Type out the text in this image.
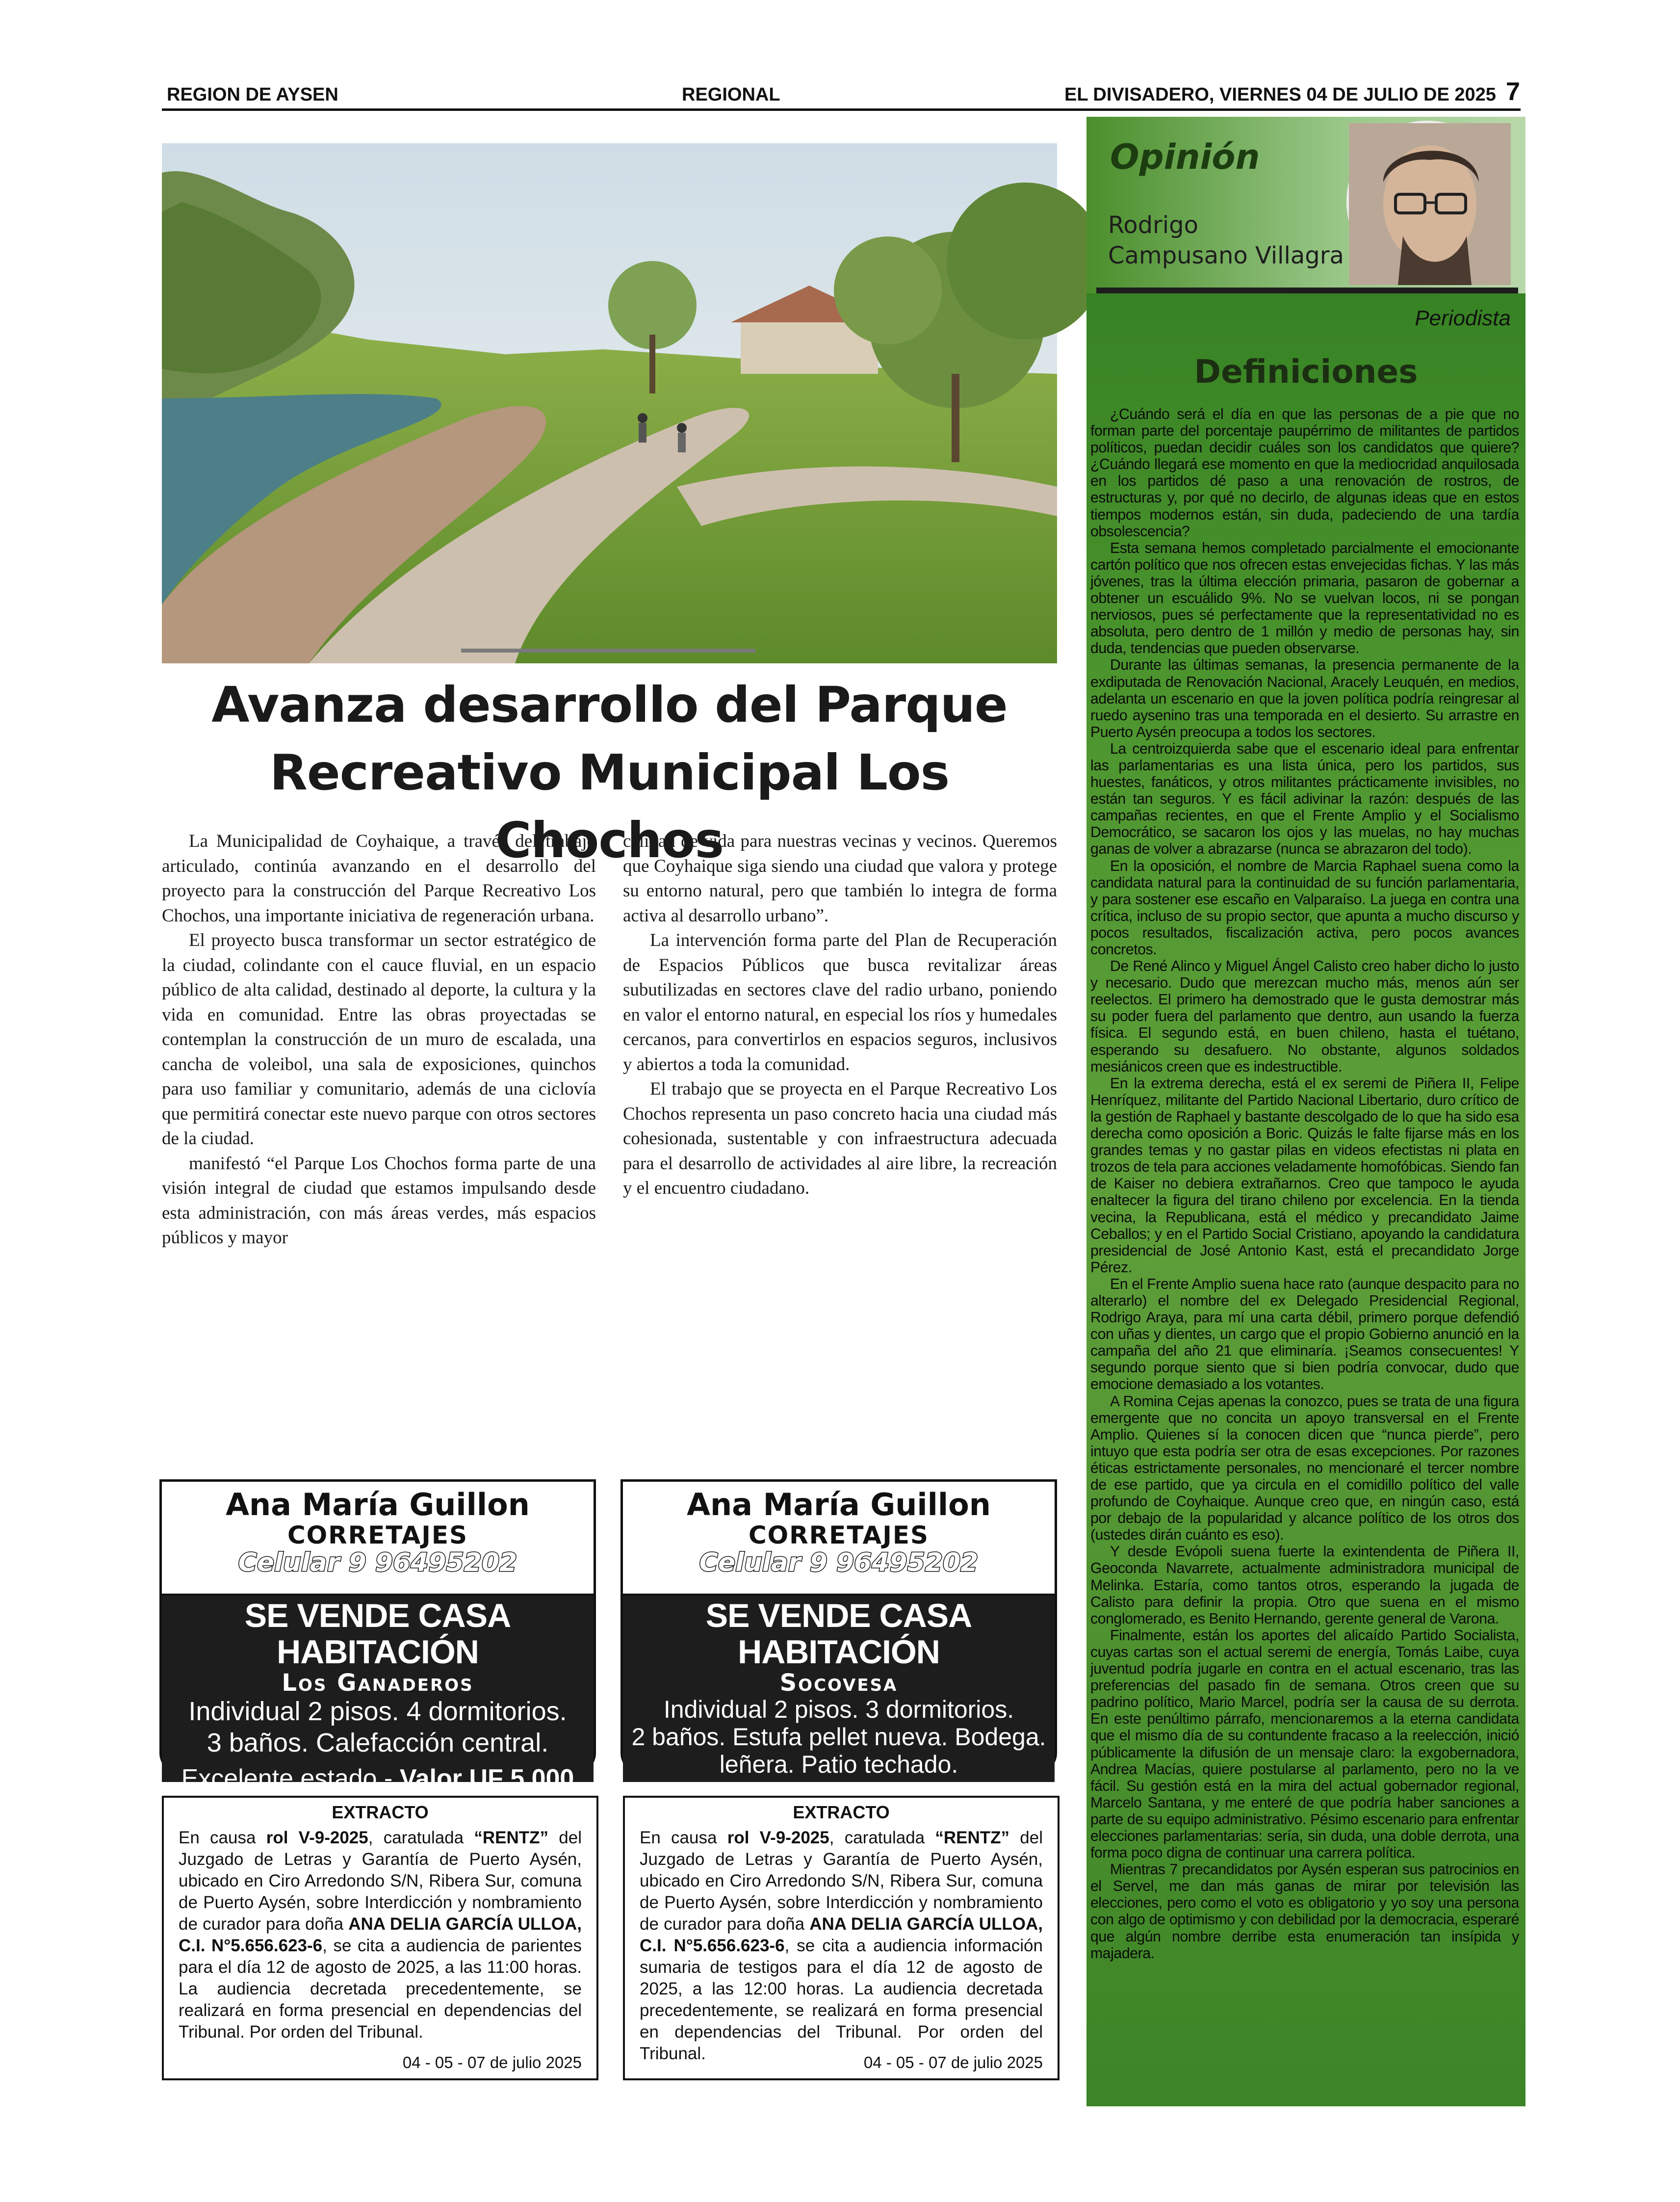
REGION DE AYSEN	REGIONAL	EL DIVISADERO, VIERNES 04 DE JULIO DE 2025 7
Avanza desarrollo del Parque
Recreativo Municipal Los Chochos

La Municipalidad de Coyhaique, a través del trabajo articulado, continúa avanzando en el desarrollo del proyecto para la construcción del Parque Recreativo Los Chochos, una importante iniciativa de regeneración urbana.

El proyecto busca transformar un sector estratégico de la ciudad, colindante con el cauce fluvial, en un espacio público de alta calidad, destinado al deporte, la cultura y la vida en comunidad. Entre las obras proyectadas se contemplan la construcción de un muro de escalada, una cancha de voleibol, una sala de exposiciones, quinchos para uso familiar y comunitario, además de una ciclovía que permitirá conectar este nuevo parque con otros sectores de la ciudad.

manifestó “el Parque Los Chochos forma parte de una visión integral de ciudad que estamos impulsando desde esta administración, con más áreas verdes, más espacios públicos y mayor

calidad de vida para nuestras vecinas y vecinos. Queremos que Coyhaique siga siendo una ciudad que valora y protege su entorno natural, pero que también lo integra de forma activa al desarrollo urbano”.

La intervención forma parte del Plan de Recuperación de Espacios Públicos que busca revitalizar áreas subutilizadas en sectores clave del radio urbano, poniendo en valor el entorno natural, en especial los ríos y humedales cercanos, para convertirlos en espacios seguros, inclusivos y abiertos a toda la comunidad.

El trabajo que se proyecta en el Parque Recreativo Los Chochos representa un paso concreto hacia una ciudad más cohesionada, sustentable y con infraestructura adecuada para el desarrollo de actividades al aire libre, la recreación y el encuentro ciudadano.

Ana María Guillon
CORRETAJES
Celular 9 96495202
SE VENDE CASA HABITACIÓN
Los Ganaderos
Individual 2 pisos. 4 dormitorios.
3 baños. Calefacción central.
Excelente estado - Valor UF 5.000
Ana María Guillon
CORRETAJES
Celular 9 96495202
SE VENDE CASA HABITACIÓN
Socovesa
Individual 2 pisos. 3 dormitorios.
2 baños. Estufa pellet nueva. Bodega.
leñera. Patio techado.
Excelente estado - Valor UF 4.500
EXTRACTO
En causa rol V-9-2025, caratulada “RENTZ” del Juzgado de Letras y Garantía de Puerto Aysén, ubicado en Ciro Arredondo S/N, Ribera Sur, comuna de Puerto Aysén, sobre Interdicción y nombramiento de curador para doña ANA DELIA GARCÍA ULLOA, C.I. N°5.656.623-6, se cita a audiencia de parientes para el día 12 de agosto de 2025, a las 11:00 horas. La audiencia decretada precedentemente, se realizará en forma presencial en dependencias del Tribunal. Por orden del Tribunal.
04 - 05 - 07 de julio 2025
EXTRACTO
En causa rol V-9-2025, caratulada “RENTZ” del Juzgado de Letras y Garantía de Puerto Aysén, ubicado en Ciro Arredondo S/N, Ribera Sur, comuna de Puerto Aysén, sobre Interdicción y nombramiento de curador para doña ANA DELIA GARCÍA ULLOA, C.I. N°5.656.623-6, se cita a audiencia información sumaria de testigos para el día 12 de agosto de 2025, a las 12:00 horas. La audiencia decretada precedentemente, se realizará en forma presencial en dependencias del Tribunal. Por orden del Tribunal.	04 - 05 - 07 de julio 2025
Opinión
Rodrigo
Campusano Villagra
Periodista
Definiciones

¿Cuándo será el día en que las personas de a pie que no forman parte del porcentaje paupérrimo de militantes de partidos políticos, puedan decidir cuáles son los candidatos que quiere? ¿Cuándo llegará ese momento en que la mediocridad anquilosada en los partidos dé paso a una renovación de rostros, de estructuras y, por qué no decirlo, de algunas ideas que en estos tiempos modernos están, sin duda, padeciendo de una tardía obsolescencia?

Esta semana hemos completado parcialmente el emocionante cartón político que nos ofrecen estas envejecidas fichas. Y las más jóvenes, tras la última elección primaria, pasaron de gobernar a obtener un escuálido 9%. No se vuelvan locos, ni se pongan nerviosos, pues sé perfectamente que la representatividad no es absoluta, pero dentro de 1 millón y medio de personas hay, sin duda, tendencias que pueden observarse.

Durante las últimas semanas, la presencia permanente de la exdiputada de Renovación Nacional, Aracely Leuquén, en medios, adelanta un escenario en que la joven política podría reingresar al ruedo aysenino tras una temporada en el desierto. Su arrastre en Puerto Aysén preocupa a todos los sectores.

La centroizquierda sabe que el escenario ideal para enfrentar las parlamentarias es una lista única, pero los partidos, sus huestes, fanáticos, y otros militantes prácticamente invisibles, no están tan seguros. Y es fácil adivinar la razón: después de las campañas recientes, en que el Frente Amplio y el Socialismo Democrático, se sacaron los ojos y las muelas, no hay muchas ganas de volver a abrazarse (nunca se abrazaron del todo).

En la oposición, el nombre de Marcia Raphael suena como la candidata natural para la continuidad de su función parlamentaria, y para sostener ese escaño en Valparaíso. La juega en contra una crítica, incluso de su propio sector, que apunta a mucho discurso y pocos resultados, fiscalización activa, pero pocos avances concretos.

De René Alinco y Miguel Ángel Calisto creo haber dicho lo justo y necesario. Dudo que merezcan mucho más, menos aún ser reelectos. El primero ha demostrado que le gusta demostrar más su poder fuera del parlamento que dentro, aun usando la fuerza física. El segundo está, en buen chileno, hasta el tuétano, esperando su desafuero. No obstante, algunos soldados mesiánicos creen que es indestructible.

En la extrema derecha, está el ex seremi de Piñera II, Felipe Henríquez, militante del Partido Nacional Libertario, duro crítico de la gestión de Raphael y bastante descolgado de lo que ha sido esa derecha como oposición a Boric. Quizás le falte fijarse más en los grandes temas y no gastar pilas en videos efectistas ni plata en trozos de tela para acciones veladamente homofóbicas. Siendo fan de Kaiser no debiera extrañarnos. Creo que tampoco le ayuda enaltecer la figura del tirano chileno por excelencia. En la tienda vecina, la Republicana, está el médico y precandidato Jaime Ceballos; y en el Partido Social Cristiano, apoyando la candidatura presidencial de José Antonio Kast, está el precandidato Jorge Pérez.

En el Frente Amplio suena hace rato (aunque despacito para no alterarlo) el nombre del ex Delegado Presidencial Regional, Rodrigo Araya, para mí una carta débil, primero porque defendió con uñas y dientes, un cargo que el propio Gobierno anunció en la campaña del año 21 que eliminaría. ¡Seamos consecuentes! Y segundo porque siento que si bien podría convocar, dudo que emocione demasiado a los votantes.

A Romina Cejas apenas la conozco, pues se trata de una figura emergente que no concita un apoyo transversal en el Frente Amplio. Quienes sí la conocen dicen que “nunca pierde”, pero intuyo que esta podría ser otra de esas excepciones. Por razones éticas estrictamente personales, no mencionaré el tercer nombre de ese partido, que ya circula en el comidillo político del valle profundo de Coyhaique. Aunque creo que, en ningún caso, está por debajo de la popularidad y alcance político de los otros dos (ustedes dirán cuánto es eso).

Y desde Evópoli suena fuerte la exintendenta de Piñera II, Geoconda Navarrete, actualmente administradora municipal de Melinka. Estaría, como tantos otros, esperando la jugada de Calisto para definir la propia. Otro que suena en el mismo conglomerado, es Benito Hernando, gerente general de Varona.

Finalmente, están los aportes del alicaído Partido Socialista, cuyas cartas son el actual seremi de energía, Tomás Laibe, cuya juventud podría jugarle en contra en el actual escenario, tras las preferencias del pasado fin de semana. Otros creen que su padrino político, Mario Marcel, podría ser la causa de su derrota. En este penúltimo párrafo, mencionaremos a la eterna candidata que el mismo día de su contundente fracaso a la reelección, inició públicamente la difusión de un mensaje claro: la exgobernadora, Andrea Macías, quiere postularse al parlamento, pero no la ve fácil. Su gestión está en la mira del actual gobernador regional, Marcelo Santana, y me enteré de que podría haber sanciones a parte de su equipo administrativo. Pésimo escenario para enfrentar elecciones parlamentarias: sería, sin duda, una doble derrota, una forma poco digna de continuar una carrera política.

Mientras 7 precandidatos por Aysén esperan sus patrocinios en el Servel, me dan más ganas de mirar por televisión las elecciones, pero como el voto es obligatorio y yo soy una persona con algo de optimismo y con debilidad por la democracia, esperaré que algún nombre derribe esta enumeración tan insípida y majadera.
